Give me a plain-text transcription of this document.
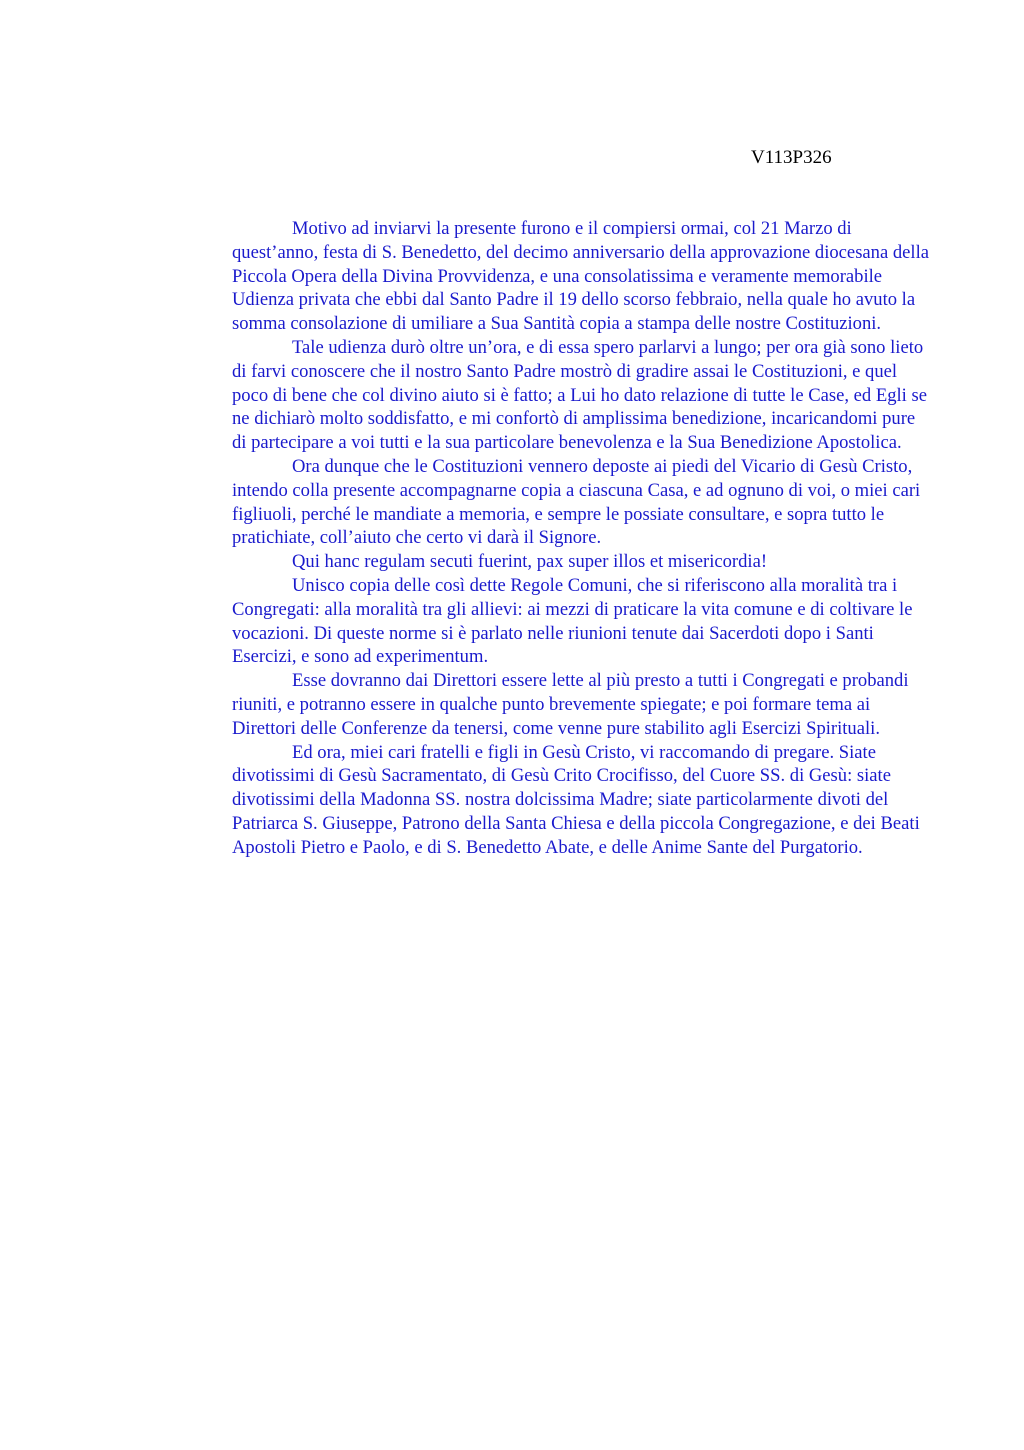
V113P326

Motivo ad inviarvi la presente furono e il compiersi ormai, col 21 Marzo di quest’anno, festa di S. Benedetto, del decimo anniversario della approvazione diocesana della Piccola Opera della Divina Provvidenza, e una consolatissima e veramente memorabile Udienza privata che ebbi dal Santo Padre il 19 dello scorso febbraio, nella quale ho avuto la somma consolazione di umiliare a Sua Santità copia a stampa delle nostre Costituzioni.

Tale udienza durò oltre un’ora, e di essa spero parlarvi a lungo; per ora già sono lieto di farvi conoscere che il nostro Santo Padre mostrò di gradire assai le Costituzioni, e quel poco di bene che col divino aiuto si è fatto; a Lui ho dato relazione di tutte le Case, ed Egli se ne dichiarò molto soddisfatto, e mi confortò di amplissima benedizione, incaricandomi pure di partecipare a voi tutti e la sua particolare benevolenza e la Sua Benedizione Apostolica.

Ora dunque che le Costituzioni vennero deposte ai piedi del Vicario di Gesù Cristo, intendo colla presente accompagnarne copia a ciascuna Casa, e ad ognuno di voi, o miei cari figliuoli, perché le mandiate a memoria, e sempre le possiate consultare, e sopra tutto le pratichiate, coll’aiuto che certo vi darà il Signore.

Qui hanc regulam secuti fuerint, pax super illos et misericordia!

Unisco copia delle così dette Regole Comuni, che si riferiscono alla moralità tra i Congregati: alla moralità tra gli allievi: ai mezzi di praticare la vita comune e di coltivare le vocazioni. Di queste norme si è parlato nelle riunioni tenute dai Sacerdoti dopo i Santi Esercizi, e sono ad experimentum.

Esse dovranno dai Direttori essere lette al più presto a tutti i Congregati e probandi riuniti, e potranno essere in qualche punto brevemente spiegate; e poi formare tema ai Direttori delle Conferenze da tenersi, come venne pure stabilito agli Esercizi Spirituali.

Ed ora, miei cari fratelli e figli in Gesù Cristo, vi raccomando di pregare. Siate divotissimi di Gesù Sacramentato, di Gesù Crito Crocifisso, del Cuore SS. di Gesù: siate divotissimi della Madonna SS. nostra dolcissima Madre; siate particolarmente divoti del Patriarca S. Giuseppe, Patrono della Santa Chiesa e della piccola Congregazione, e dei Beati Apostoli Pietro e Paolo, e di S. Benedetto Abate, e delle Anime Sante del Purgatorio.
